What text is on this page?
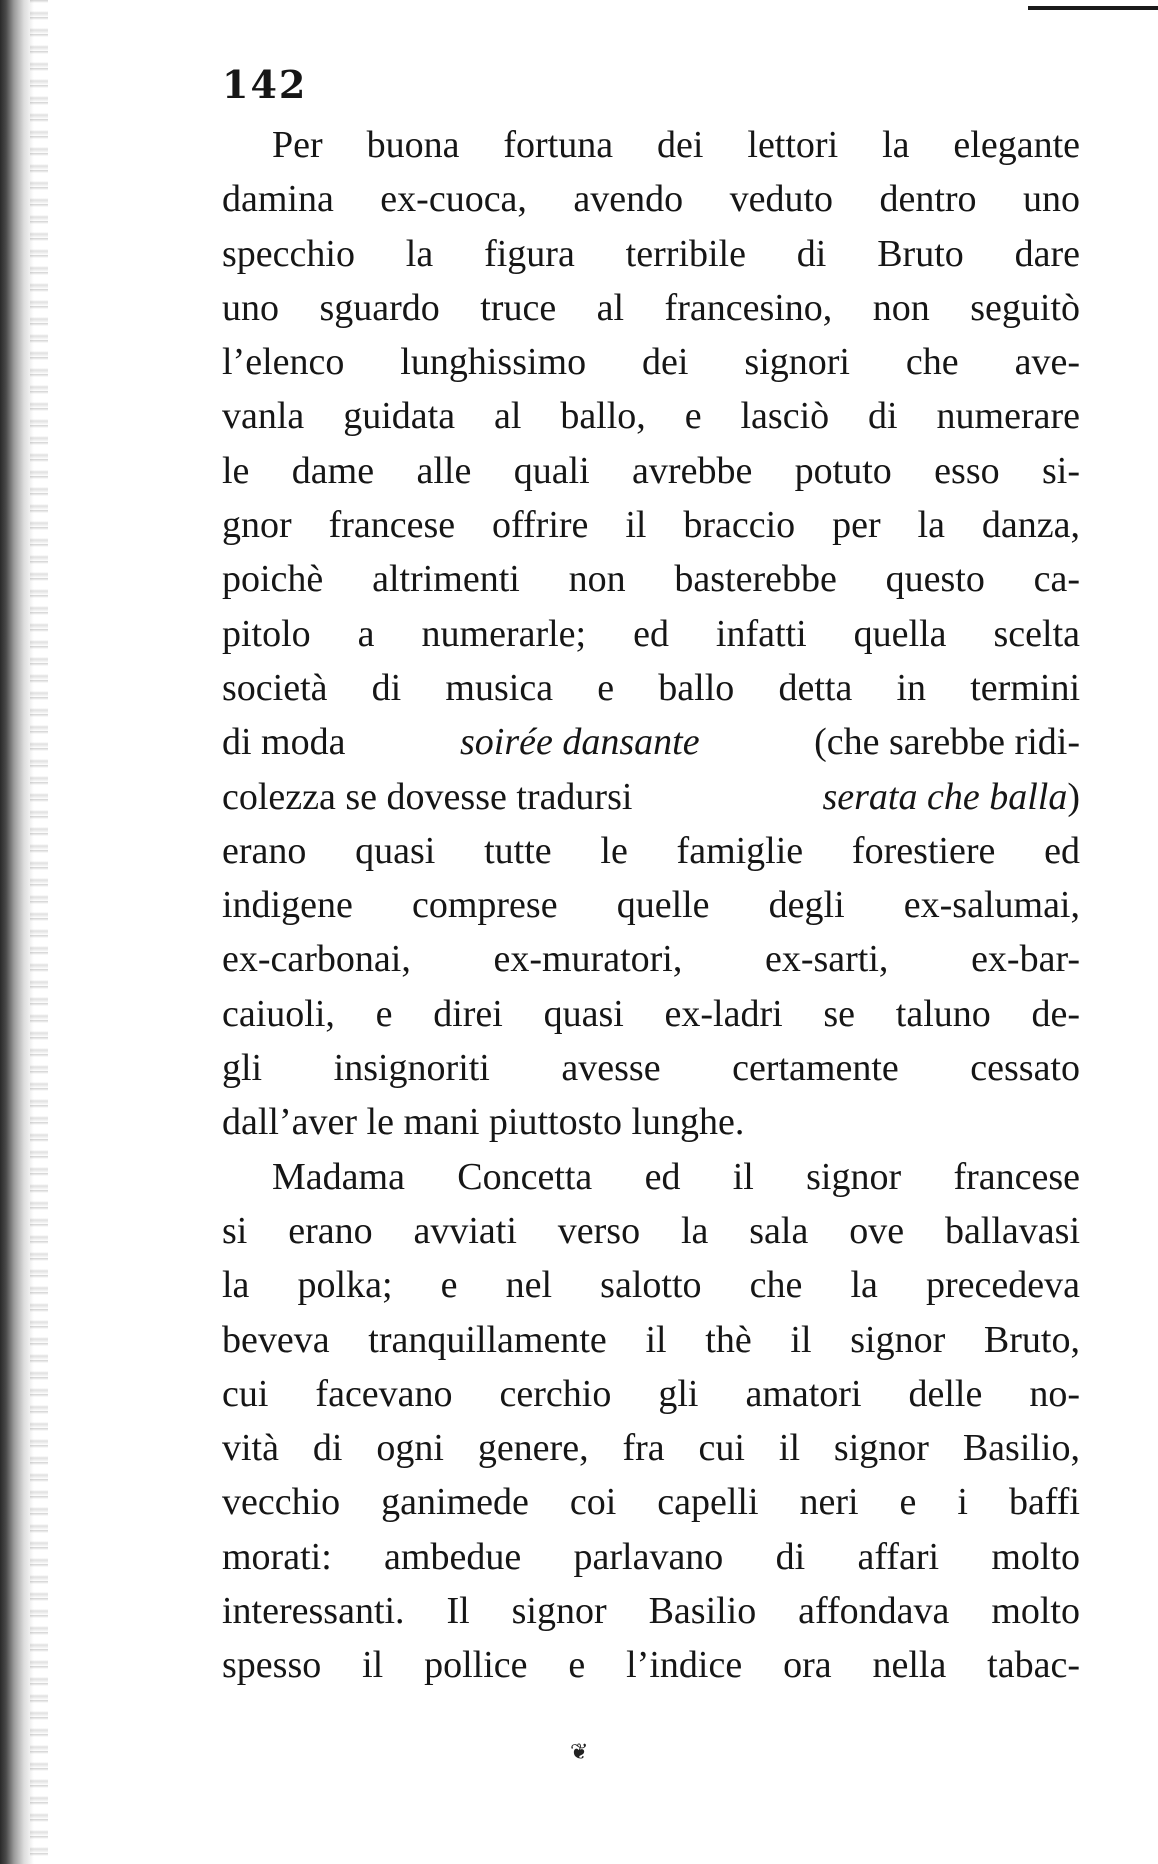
142
Per buona fortuna dei lettori la elegante
damina ex-cuoca, avendo veduto dentro uno
specchio la figura terribile di Bruto dare
uno sguardo truce al francesino, non seguitò
l’elenco lunghissimo dei signori che ave-
vanla guidata al ballo, e lasciò di numerare
le dame alle quali avrebbe potuto esso si-
gnor francese offrire il braccio per la danza,
poichè altrimenti non basterebbe questo ca-
pitolo a numerarle; ed infatti quella scelta
società di musica e ballo detta in termini
di moda	soirée dansante	(che sarebbe ridi-
colezza se dovesse tradursi	serata che balla )
erano quasi tutte le famiglie forestiere ed
indigene comprese quelle degli ex-salumai,
ex-carbonai, ex-muratori, ex-sarti, ex-bar-
caiuoli, e direi quasi ex-ladri se taluno de-
gli insignoriti avesse certamente cessato
dall’aver le mani piuttosto lunghe.
Madama Concetta ed il signor francese
si erano avviati verso la sala ove ballavasi
la polka; e nel salotto che la precedeva
beveva tranquillamente il thè il signor Bruto,
cui facevano cerchio gli amatori delle no-
vità di ogni genere, fra cui il signor Basilio,
vecchio ganimede coi capelli neri e i baffi
morati: ambedue parlavano di affari molto
interessanti. Il signor Basilio affondava molto
spesso il pollice e l’indice ora nella tabac-
❦
